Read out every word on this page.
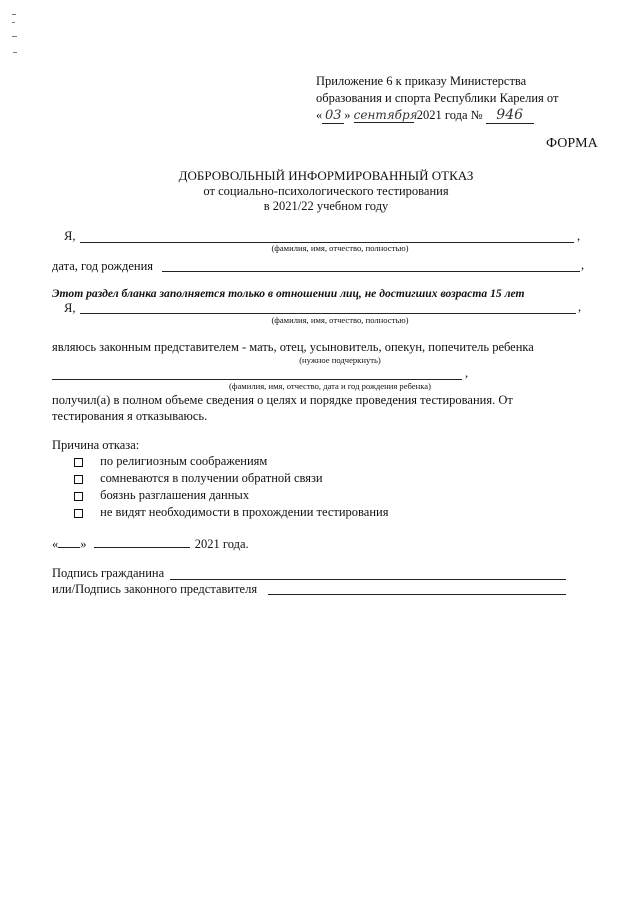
Приложение 6 к приказу Министерства
образования и спорта Республики Карелия от
« 03 » сентября 2021 года № 946
ФОРМА
ДОБРОВОЛЬНЫЙ ИНФОРМИРОВАННЫЙ ОТКАЗ
от социально-психологического тестирования
в 2021/22 учебном году
Я,	,
(фамилия, имя, отчество, полностью)
дата, год рождения	,
Этот раздел бланка заполняется только в отношении лиц, не достигших возраста 15 лет
Я,	,
(фамилия, имя, отчество, полностью)
являюсь законным представителем - мать, отец, усыновитель, опекун, попечитель ребенка
(нужное подчеркнуть)
,
(фамилия, имя, отчество, дата и год рождения ребенка)
получил(а) в полном объеме сведения о целях и порядке проведения тестирования. От
тестирования я отказываюсь.
Причина отказа:
по религиозным соображениям
сомневаются в получении обратной связи
боязнь разглашения данных
не видят необходимости в прохождении тестирования
« »	2021 года.
Подпись гражданина
или/Подпись законного представителя
